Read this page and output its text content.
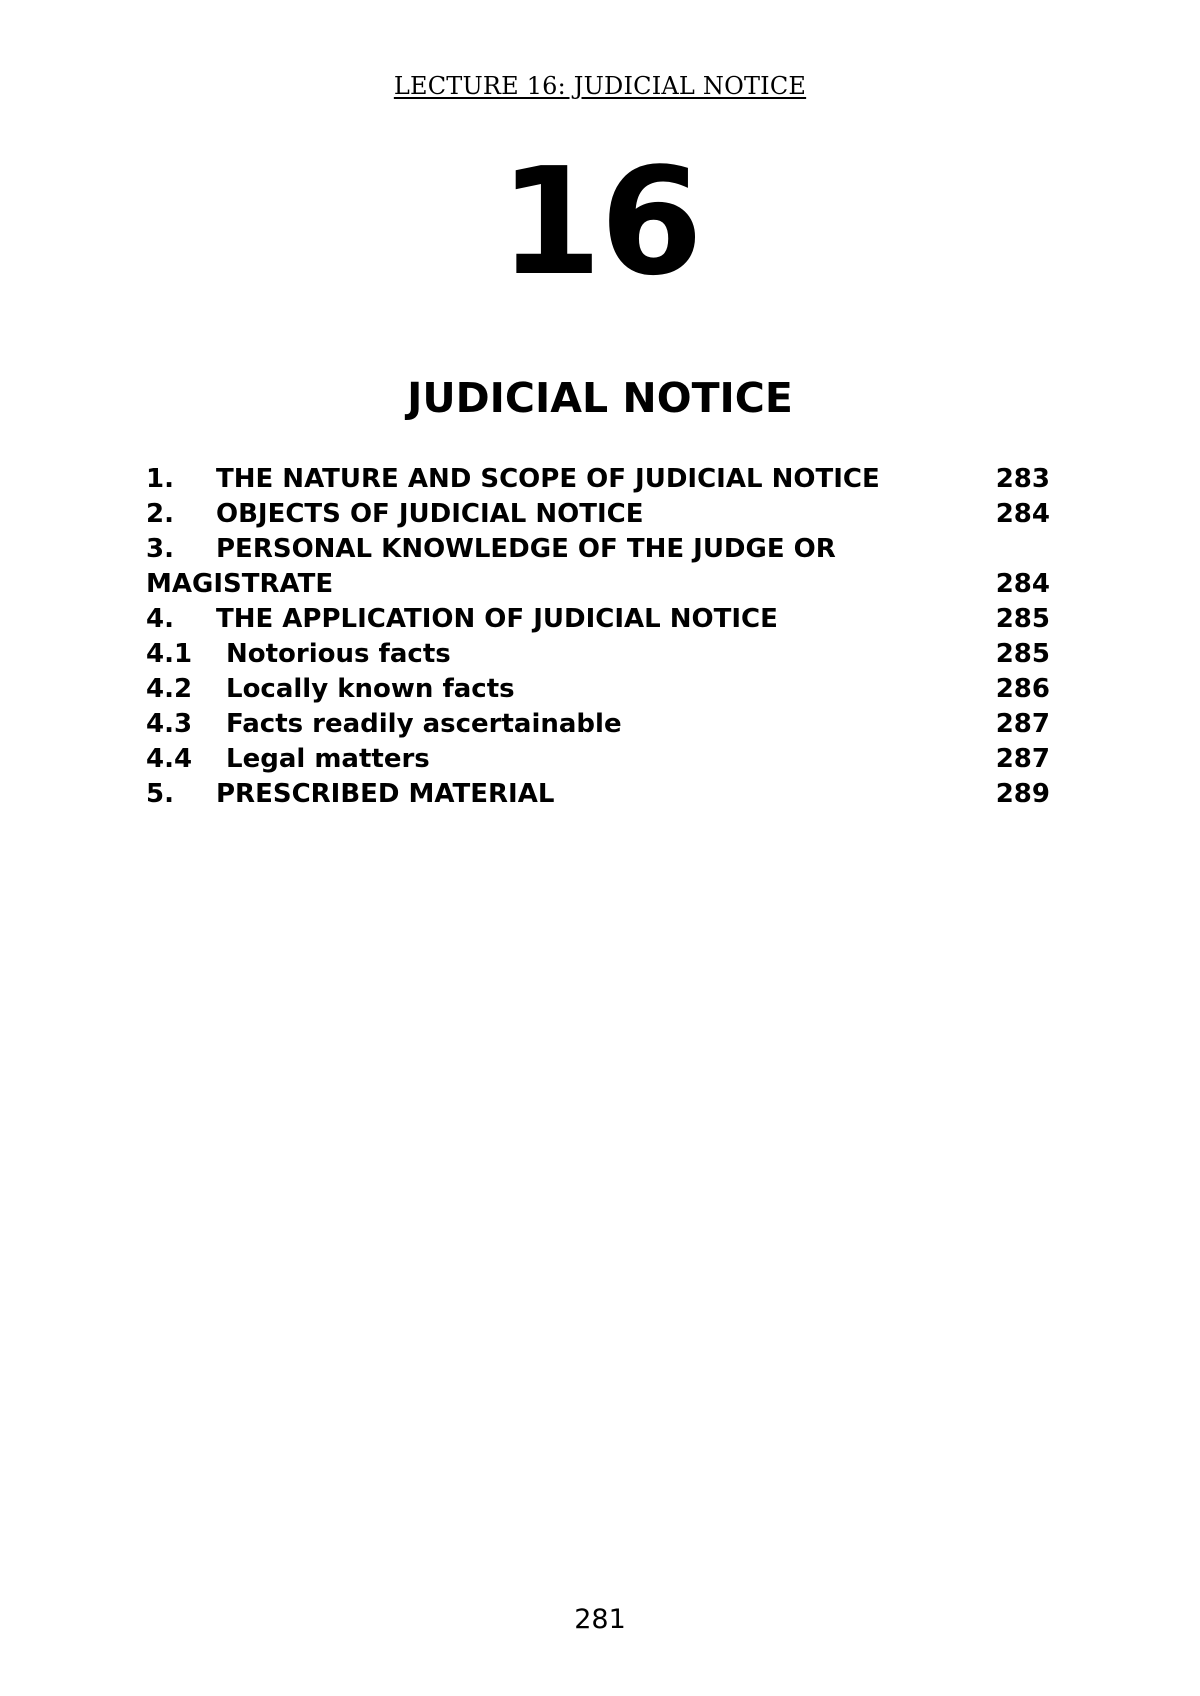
LECTURE 16: JUDICIAL NOTICE
16
JUDICIAL NOTICE
1.	THE NATURE AND SCOPE OF JUDICIAL NOTICE	283
2.	OBJECTS OF JUDICIAL NOTICE	284
3.	PERSONAL KNOWLEDGE OF THE JUDGE OR
MAGISTRATE	284
4.	THE APPLICATION OF JUDICIAL NOTICE	285
4.1	Notorious facts	285
4.2	Locally known facts	286
4.3	Facts readily ascertainable	287
4.4	Legal matters	287
5.	PRESCRIBED MATERIAL	289
281
